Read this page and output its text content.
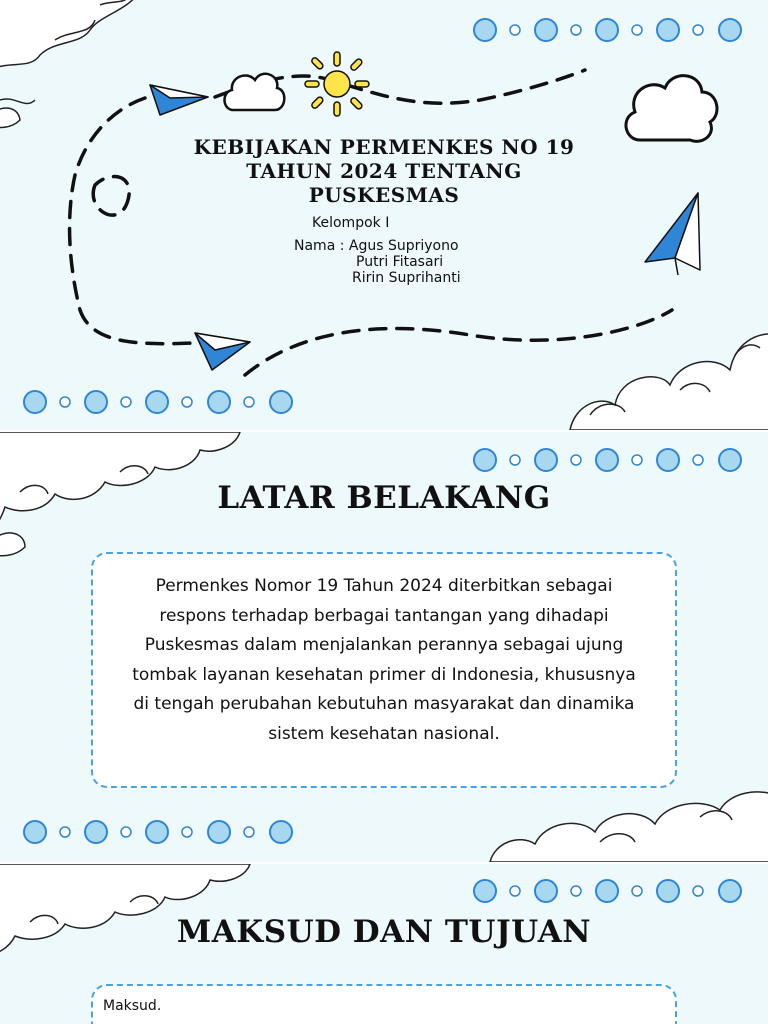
KEBIJAKAN PERMENKES NO 19
TAHUN 2024 TENTANG
PUSKESMAS
Kelompok I
Nama : Agus Supriyono
Putri Fitasari
Ririn Suprihanti
LATAR BELAKANG

Permenkes Nomor 19 Tahun 2024 diterbitkan sebagai respons terhadap berbagai tantangan yang dihadapi Puskesmas dalam menjalankan perannya sebagai ujung tombak layanan kesehatan primer di Indonesia, khususnya di tengah perubahan kebutuhan masyarakat dan dinamika sistem kesehatan nasional.

MAKSUD DAN TUJUAN
Maksud.
